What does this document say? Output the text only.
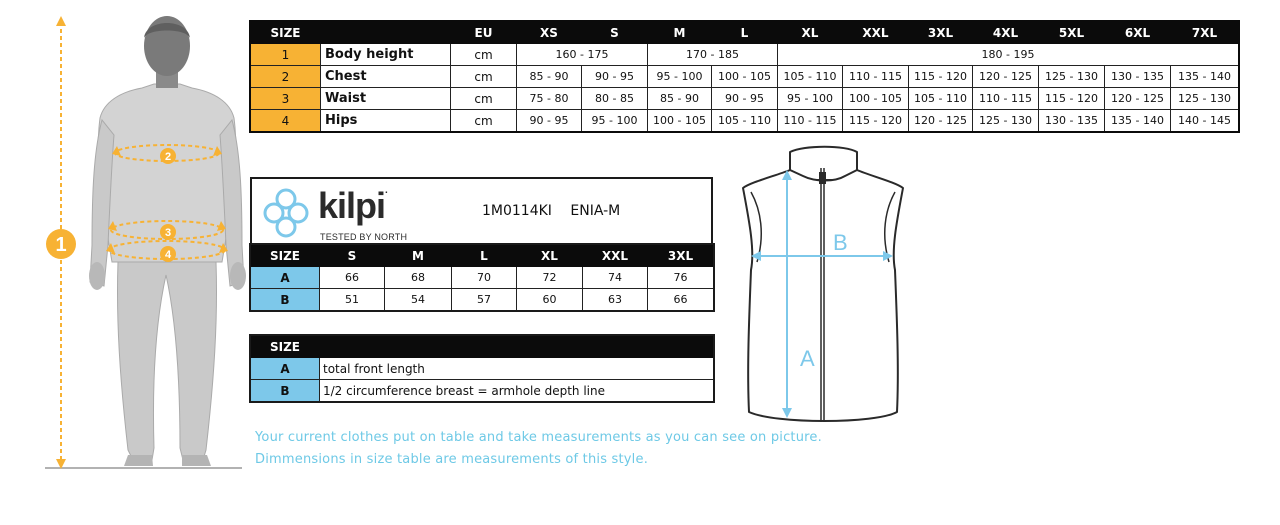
1
2
3
4
SIZE		EU	XS	S	M	L	XL	XXL	3XL	4XL	5XL	6XL	7XL
1	Body height	cm	160 - 175		170 - 185		180 - 195						
2	Chest	cm	85 - 90	90 - 95	95 - 100	100 - 105	105 - 110	110 - 115	115 - 120	120 - 125	125 - 130	130 - 135	135 - 140
3	Waist	cm	75 - 80	80 - 85	85 - 90	90 - 95	95 - 100	100 - 105	105 - 110	110 - 115	115 - 120	120 - 125	125 - 130
4	Hips	cm	90 - 95	95 - 100	100 - 105	105 - 110	110 - 115	115 - 120	120 - 125	125 - 130	130 - 135	135 - 140	140 - 145
kilpi.
TESTED BY NORTH
1M0114KI ENIA-M
SIZE	S	M	L	XL	XXL	3XL
A	66	68	70	72	74	76
B	51	54	57	60	63	66
SIZE	
A	total front length
B	1/2 circumference breast = armhole depth line
Your current clothes put on table and take measurements as you can see on picture.
Dimmensions in size table are measurements of this style.
A
B
